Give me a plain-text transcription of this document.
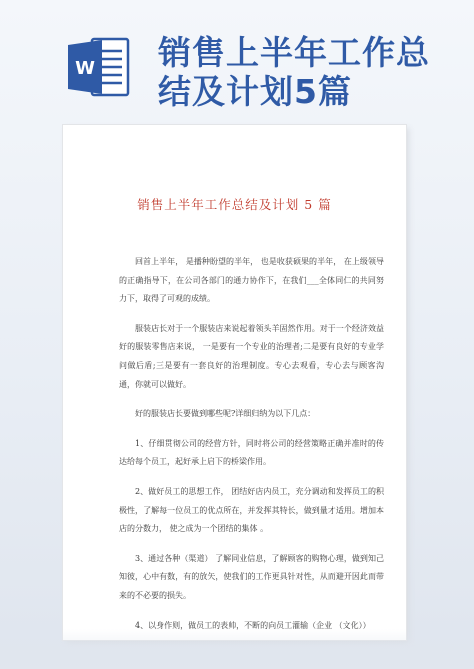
W 销售上半年工作总
结及计划5篇
销售上半年工作总结及计划 5 篇

回首上半年， 是播种盼望的半年， 也是收获硕果的半年， 在上级领导的正确指导下，在公司各部门的通力协作下，在我们___全体同仁的共同努力下，取得了可观的成绩。

服装店长对于一个服装店来说起着领头羊固然作用。对于一个经济效益好的服装零售店来说， 一是要有一个专业的治理者;二是要有良好的专业学问做后盾;三是要有一套良好的治理制度。专心去观看，专心去与顾客沟通，你就可以做好。

好的服装店长要做到哪些呢?详细归纳为以下几点：

1、仔细贯彻公司的经营方针，同时将公司的经营策略正确并准时的传达给每个员工，起好承上启下的桥梁作用。

2、做好员工的思想工作， 团结好店内员工，充分调动和发挥员工的积极性，了解每一位员工的优点所在，并发挥其特长，做到量才适用。增加本店的分数力， 使之成为一个团结的集体 。

3、通过各种（渠道） 了解同业信息，了解顾客的购物心理，做到知己知彼，心中有数，有的放矢，使我们的工作更具针对性，从而避开因此而带来的不必要的损失。

4、以身作则，做员工的表帅，不断的向员工灌输（企业 （文化））
